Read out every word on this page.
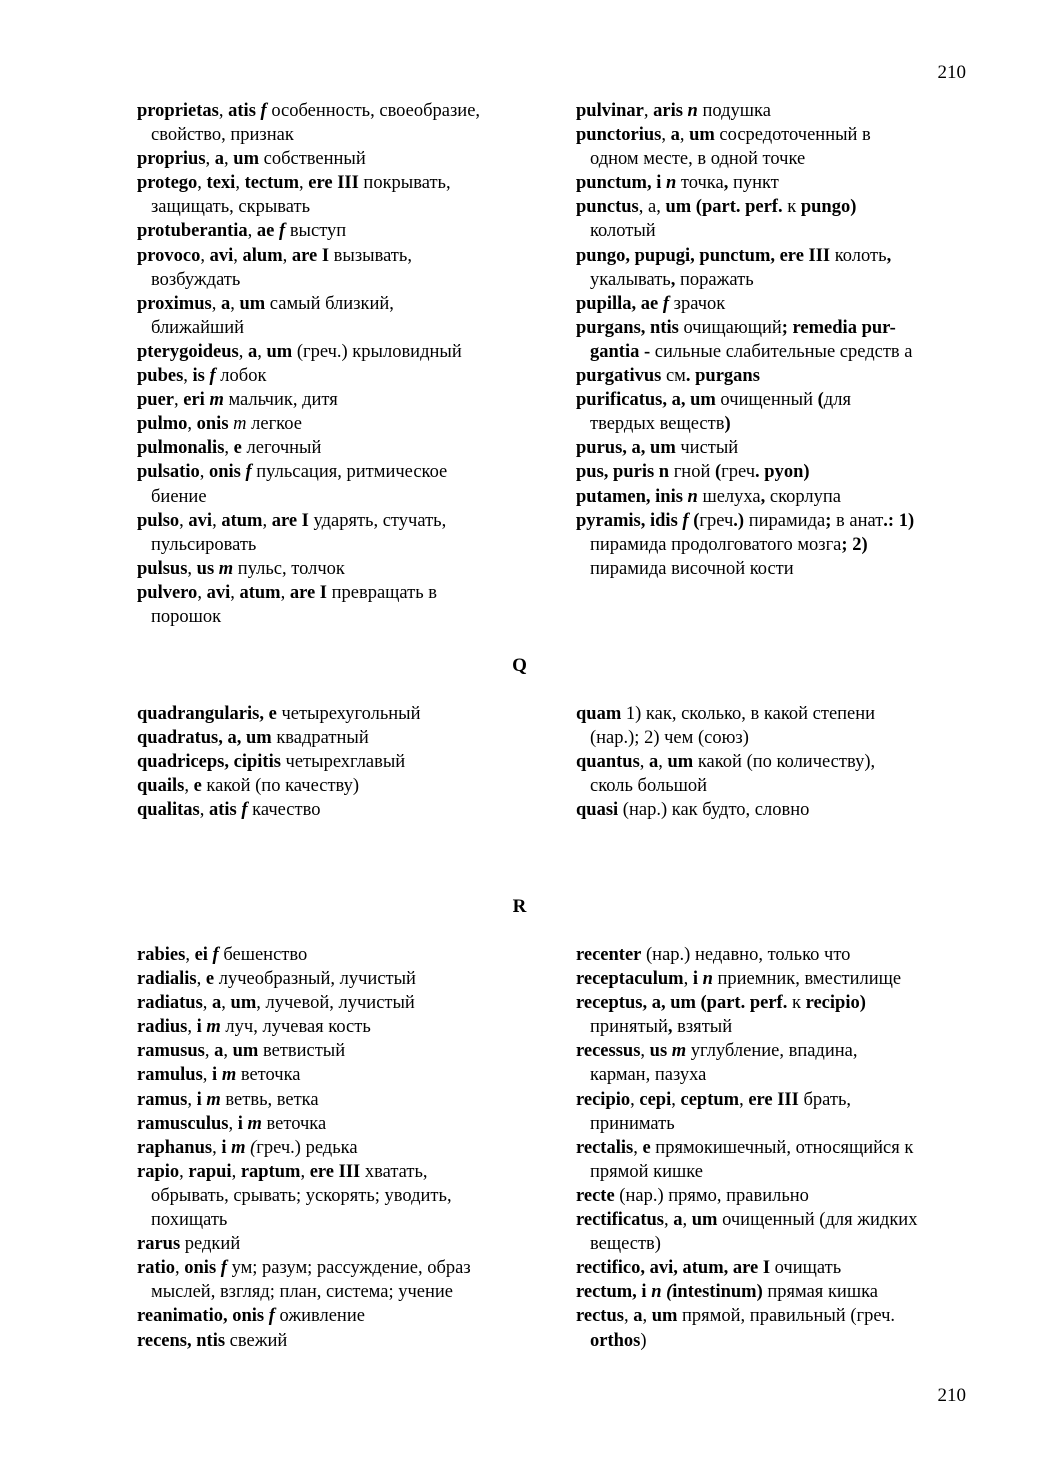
210
proprietas, atis f особенность, своеобразие,
свойство, признак
proprius, a, um собственный
protego, texi, tectum, ere III покрывать,
защищать, скрывать
protuberantia, ae f выступ
provoco, avi, alum, are I вызывать,
возбуждать
proximus, a, um самый близкий,
ближайший
pterygoideus, a, um (греч.) крыловидный
pubes, is f лобок
puer, eri m мальчик, дитя
pulmo, onis m легкое
pulmonalis, e легочный
pulsatio, onis f пульсация, ритмическое
биение
pulso, avi, atum, are I ударять, стучать,
пульсировать
pulsus, us m пульс, толчок
pulvero, avi, atum, are I превращать в
порошок
pulvinar, aris n подушка
punctorius, a, um сосредоточенный в
одном месте, в одной точке
punctum, i n точка, пункт
punctus, а, um (part. perf. к pungo)
колотый
pungo, pupugi, punctum, ere III колоть,
укалывать, поражать
pupilla, ae f зрачок
purgans, ntis очищающий; remedia pur-
gantia - сильные слабительные средств а
purgativus см. purgans
purificatus, a, um очищенный (для
твердых веществ)
purus, a, um чистый
pus, puris n гной (греч. pyon)
putamen, inis n шелуха, скорлупа
pyramis, idis f (греч.) пирамида; в анат.: 1)
пирамида продолговатого мозга; 2)
пирамида височной кости
Q
quadrangularis, e четырехугольный
quadratus, a, um квадратный
quadriceps, cipitis четырехглавый
quails, e какой (по качеству)
qualitas, atis f качество
quam 1) как, сколько, в какой степени
(нар.); 2) чем (союз)
quantus, a, um какой (по количеству),
сколь большой
quasi (нар.) как будто, словно
R
rabies, ei f бешенство
radialis, e лучеобразный, лучистый
radiatus, a, um, лучевой, лучистый
radius, i m луч, лучевая кость
ramusus, a, um ветвистый
ramulus, i m веточка
ramus, i m ветвь, ветка
ramusculus, i m веточка
raphanus, i m (греч.) редька
rapio, rapui, raptum, ere III хватать,
обрывать, срывать; ускорять; уводить,
похищать
rarus редкий
ratio, onis f ум; разум; рассуждение, образ
мыслей, взгляд; план, система; учение
reanimatio, onis f оживление
recens, ntis свежий
recenter (нар.) недавно, только что
receptaculum, i n приемник, вместилище
receptus, a, um (part. perf. к recipio)
принятый, взятый
recessus, us m углубление, впадина,
карман, пазуха
recipio, cepi, ceptum, ere III брать,
принимать
rectalis, e прямокишечный, относящийся к
прямой кишке
recte (нар.) прямо, правильно
rectificatus, a, um очищенный (для жидких
веществ)
rectifico, avi, atum, are I очищать
rectum, i n (intestinum) прямая кишка
rectus, a, um прямой, правильный (греч.
orthos)
210
